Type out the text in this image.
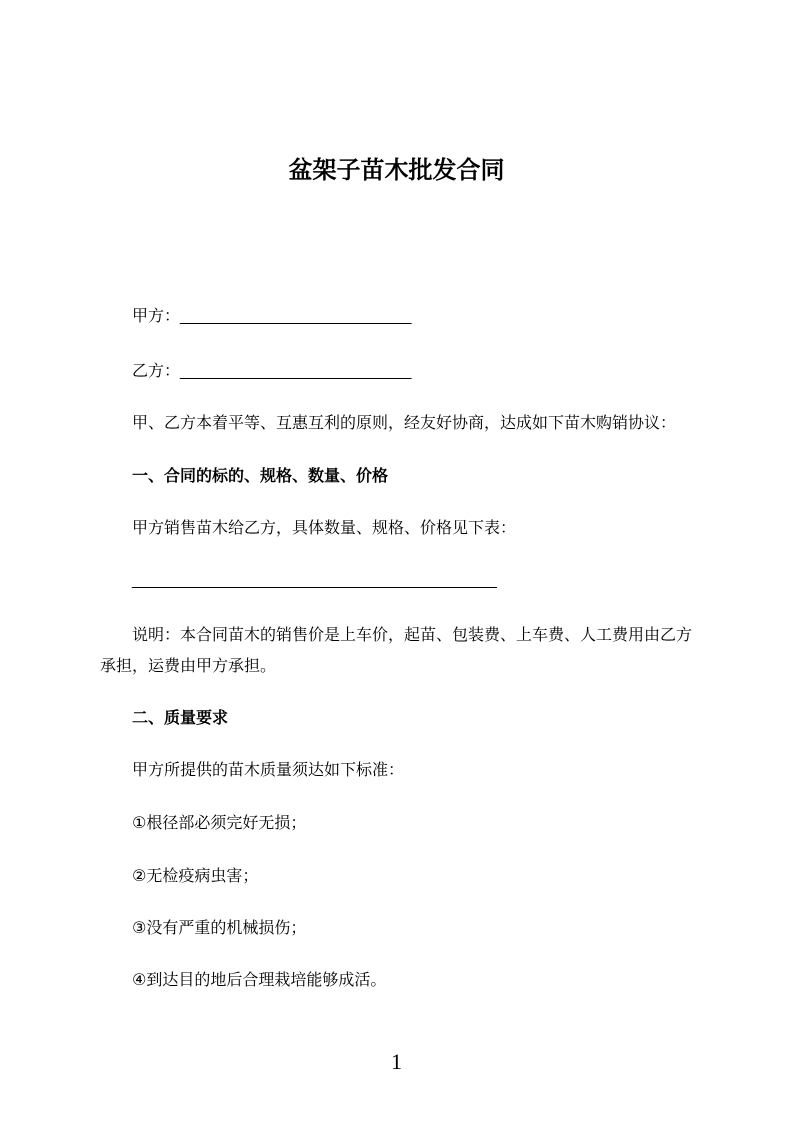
盆架子苗木批发合同

甲方：__________________________

乙方：__________________________

甲、乙方本着平等、互惠互利的原则，经友好协商，达成如下苗木购销协议：

一、合同的标的、规格、数量、价格

甲方销售苗木给乙方，具体数量、规格、价格见下表：

_________________________________________

说明：本合同苗木的销售价是上车价，起苗、包装费、上车费、人工费用由乙方承担，运费由甲方承担。

二、质量要求

甲方所提供的苗木质量须达如下标准：

①根径部必须完好无损；

②无检疫病虫害；

③没有严重的机械损伤；

④到达目的地后合理栽培能够成活。

1
